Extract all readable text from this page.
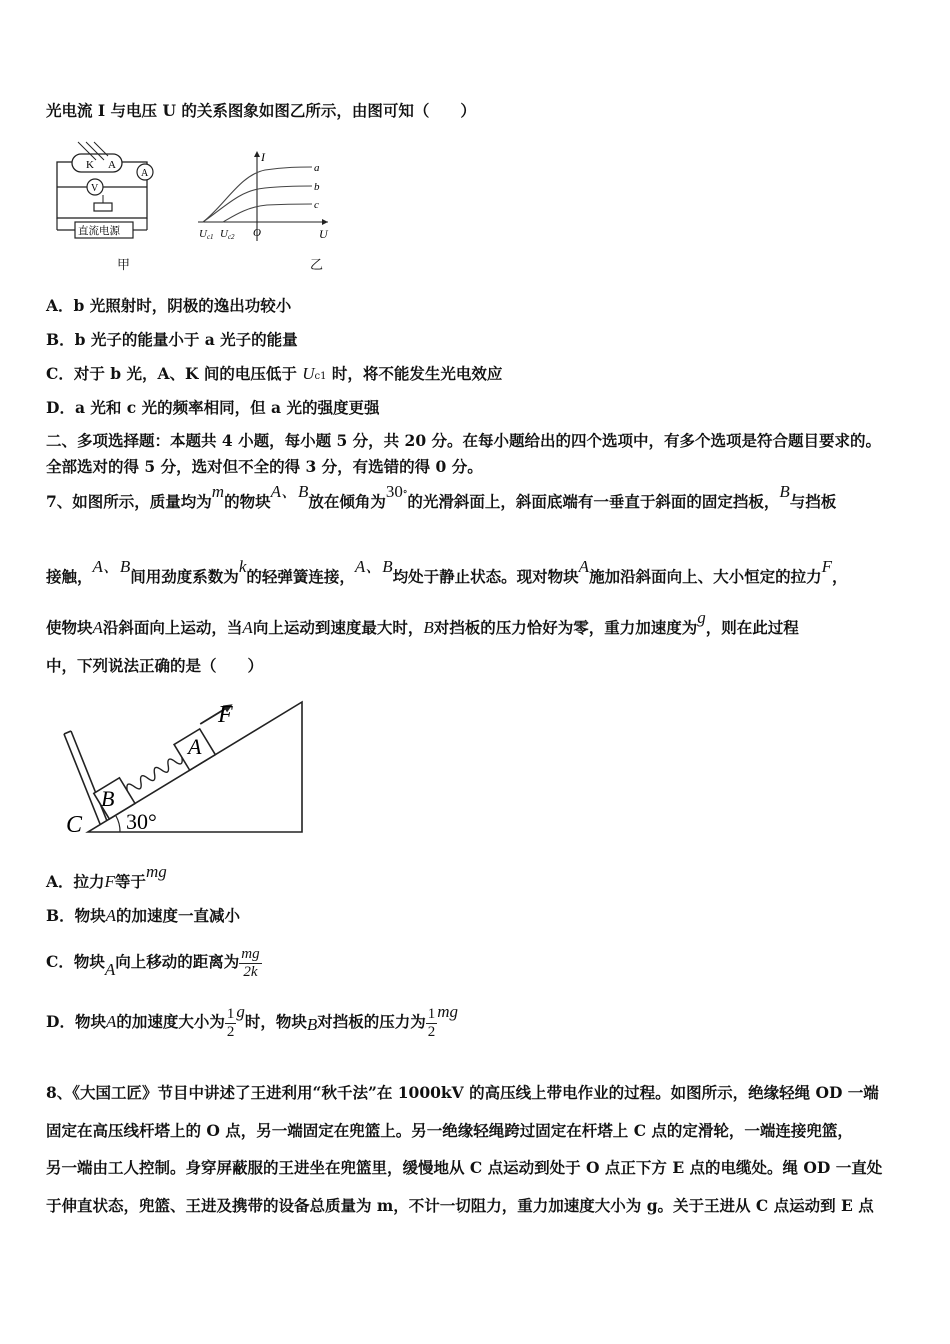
光电流 I 与电压 U 的关系图象如图乙所示，由图可知（　　）
K A
A
V
直流电源
甲
I
U
O
Uc1 Uc2
a
b
c
乙
A．b 光照射时，阴极的逸出功较小
B．b 光子的能量小于 a 光子的能量
C．对于 b 光，A、K 间的电压低于 Uc1 时，将不能发生光电效应
D．a 光和 c 光的频率相同，但 a 光的强度更强
二、多项选择题：本题共 4 小题，每小题 5 分，共 20 分。在每小题给出的四个选项中，有多个选项是符合题目要求的。
全部选对的得 5 分，选对但不全的得 3 分，有选错的得 0 分。
7、如图所示，质量均为m的物块A、B放在倾角为30°的光滑斜面上，斜面底端有一垂直于斜面的固定挡板，B与挡板
接触，A、B间用劲度系数为k的轻弹簧连接，A、B均处于静止状态。现对物块A施加沿斜面向上、大小恒定的拉力F，
使物块A沿斜面向上运动，当A向上运动到速度最大时，B对挡板的压力恰好为零，重力加速度为g，则在此过程
中，下列说法正确的是（　　）
F
A
B
C 30°
A．拉力F等于mg
B．物块A的加速度一直减小
C．物块A向上移动的距离为 $\frac{mg}{2k}$
D．物块A的加速度大小为 $\frac{1}{2}$ g时，物块B对挡板的压力为 $\frac{1}{2}$ mg
8、《大国工匠》节目中讲述了王进利用“秋千法”在 1000kV 的高压线上带电作业的过程。如图所示，绝缘轻绳 OD 一端
固定在高压线杆塔上的 O 点，另一端固定在兜篮上。另一绝缘轻绳跨过固定在杆塔上 C 点的定滑轮，一端连接兜篮，
另一端由工人控制。身穿屏蔽服的王进坐在兜篮里，缓慢地从 C 点运动到处于 O 点正下方 E 点的电缆处。绳 OD 一直处
于伸直状态，兜篮、王进及携带的设备总质量为 m，不计一切阻力，重力加速度大小为 g。关于王进从 C 点运动到 E 点
